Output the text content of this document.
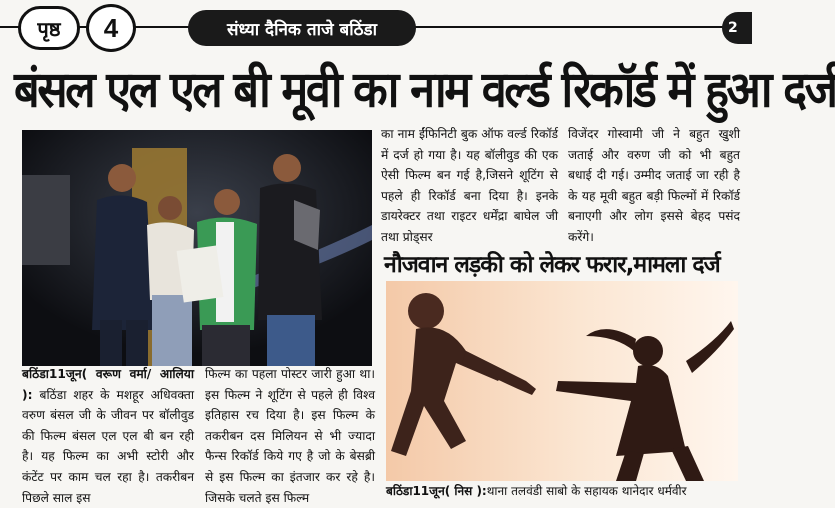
पृष्ठ	4	संध्या दैनिक ताजे बठिंडा	2
बंसल एल एल बी मूवी का नाम वर्ल्ड रिकॉर्ड में हुआ दर्ज

बठिंडा11जून( वरूण वर्मा/ आलिया ): बठिंडा शहर के मशहूर अधिवक्ता वरुण बंसल जी के जीवन पर बॉलीवुड की फिल्म बंसल एल एल बी बन रही है। यह फिल्म का अभी स्टोरी और कंटेंट पर काम चल रहा है। तकरीबन पिछले साल इस

फिल्म का पहला पोस्टर जारी हुआ था। इस फिल्म ने शूटिंग से पहले ही विश्व इतिहास रच दिया है। इस फिल्म के तकरीबन दस मिलियन से भी ज्यादा फैन्स रिकॉर्ड किये गए है जो के बेसब्री से इस फिल्म का इंतजार कर रहे है। जिसके चलते इस फिल्म

का नाम ईंफिनिटी बुक ऑफ वर्ल्ड रिकॉर्ड में दर्ज हो गया है। यह बॉलीवुड की एक ऐसी फिल्म बन गई है,जिसने शूटिंग से पहले ही रिकॉर्ड बना दिया है। इनके डायरेक्टर तथा राइटर धर्मेंद्रा बाघेल जी तथा प्रोड्सर

विजेंदर गोस्वामी जी ने बहुत खुशी जताई और वरुण जी को भी बहुत बधाई दी गई। उम्मीद जताई जा रही है के यह मूवी बहुत बड़ी फिल्मों में रिकॉर्ड बनाएगी और लोग इससे बेहद पसंद करेंगे।

नौजवान लड़की को लेकर फरार,मामला दर्ज
बठिंडा11जून( निस ):थाना तलवंडी साबो के सहायक थानेदार धर्मवीर
